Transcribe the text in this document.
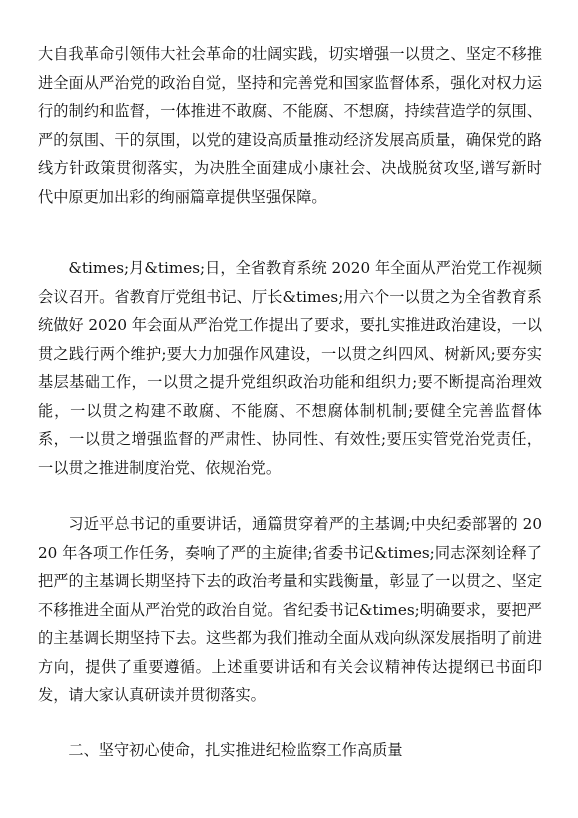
大自我革命引领伟大社会革命的壮阔实践，切实增强一以贯之、坚定不移推进全面从严治党的政治自觉，坚持和完善党和国家监督体系，强化对权力运行的制约和监督，一体推进不敢腐、不能腐、不想腐，持续营造学的氛围、严的氛围、干的氛围，以党的建设高质量推动经济发展高质量，确保党的路线方针政策贯彻落实，为决胜全面建成小康社会、决战脱贫攻坚,谱写新时代中原更加出彩的绚丽篇章提供坚强保障。

&times;月&times;日，全省教育系统 2020 年全面从严治党工作视频会议召开。省教育厅党组书记、厅长&times;用六个一以贯之为全省教育系统做好 2020 年会面从严治党工作提出了要求，要扎实推进政治建设，一以贯之践行两个维护;要大力加强作风建设，一以贯之纠四风、树新风;要夯实基层基础工作，一以贯之提升党组织政治功能和组织力;要不断提高治理效能，一以贯之构建不敢腐、不能腐、不想腐体制机制;要健全完善监督体系，一以贯之增强监督的严肃性、协同性、有效性;要压实管党治党责任，一以贯之推进制度治党、依规治党。

习近平总书记的重要讲话，通篇贯穿着严的主基调;中央纪委部署的 2020 年各项工作任务，奏响了严的主旋律;省委书记&times;同志深刻诠释了把严的主基调长期坚持下去的政治考量和实践衡量，彰显了一以贯之、坚定不移推进全面从严治党的政治自觉。省纪委书记&times;明确要求，要把严的主基调长期坚持下去。这些都为我们推动全面从戏向纵深发展指明了前进方向，提供了重要遵循。上述重要讲话和有关会议精神传达提纲已书面印发，请大家认真研读并贯彻落实。

二、坚守初心使命，扎实推进纪检监察工作高质量
